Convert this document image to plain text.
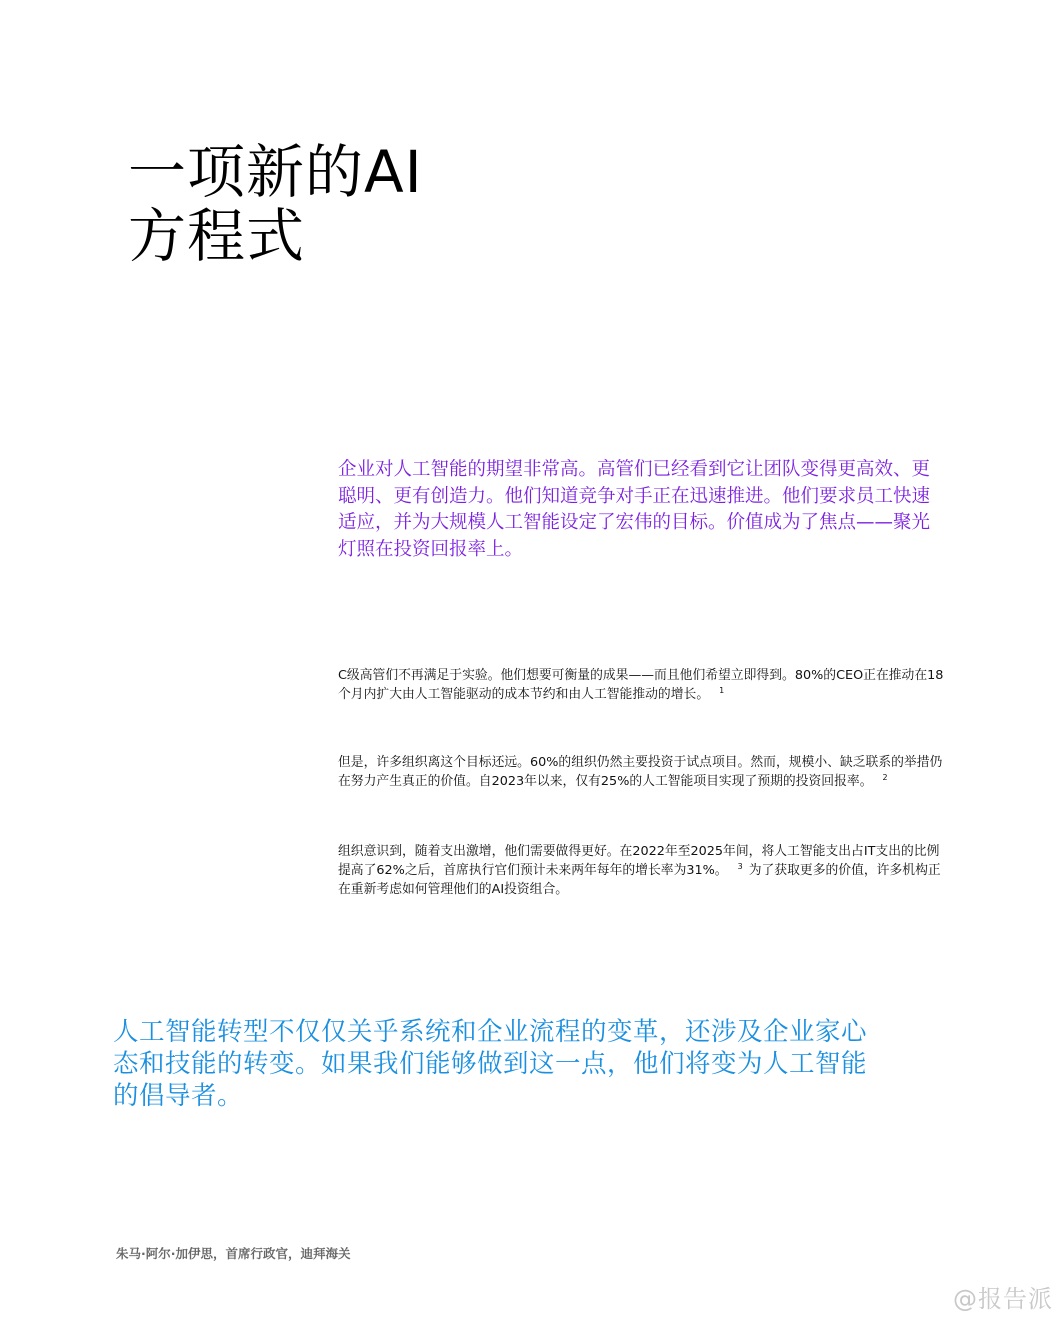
一项新的AI
方程式

企业对人工智能的期望非常高。高管们已经看到它让团队变得更高效、更聪明、更有创造力。他们知道竞争对手正在迅速推进。他们要求员工快速适应，并为大规模人工智能设定了宏伟的目标。价值成为了焦点——聚光灯照在投资回报率上。

C级高管们不再满足于实验。他们想要可衡量的成果——而且他们希望立即得到。80%的CEO正在推动在18个月内扩大由人工智能驱动的成本节约和由人工智能推动的增长。 $^1$

但是，许多组织离这个目标还远。60%的组织仍然主要投资于试点项目。然而，规模小、缺乏联系的举措仍在努力产生真正的价值。自2023年以来，仅有25%的人工智能项目实现了预期的投资回报率。 $^2$

组织意识到，随着支出激增，他们需要做得更好。在2022年至2025年间，将人工智能支出占IT支出的比例提高了62%之后，首席执行官们预计未来两年每年的增长率为31%。 $^3$ 为了获取更多的价值，许多机构正在重新考虑如何管理他们的AI投资组合。

人工智能转型不仅仅关乎系统和企业流程的变革，还涉及企业家心态和技能的转变。如果我们能够做到这一点，他们将变为人工智能的倡导者。

朱马·阿尔·加伊思，首席行政官，迪拜海关

@报告派
